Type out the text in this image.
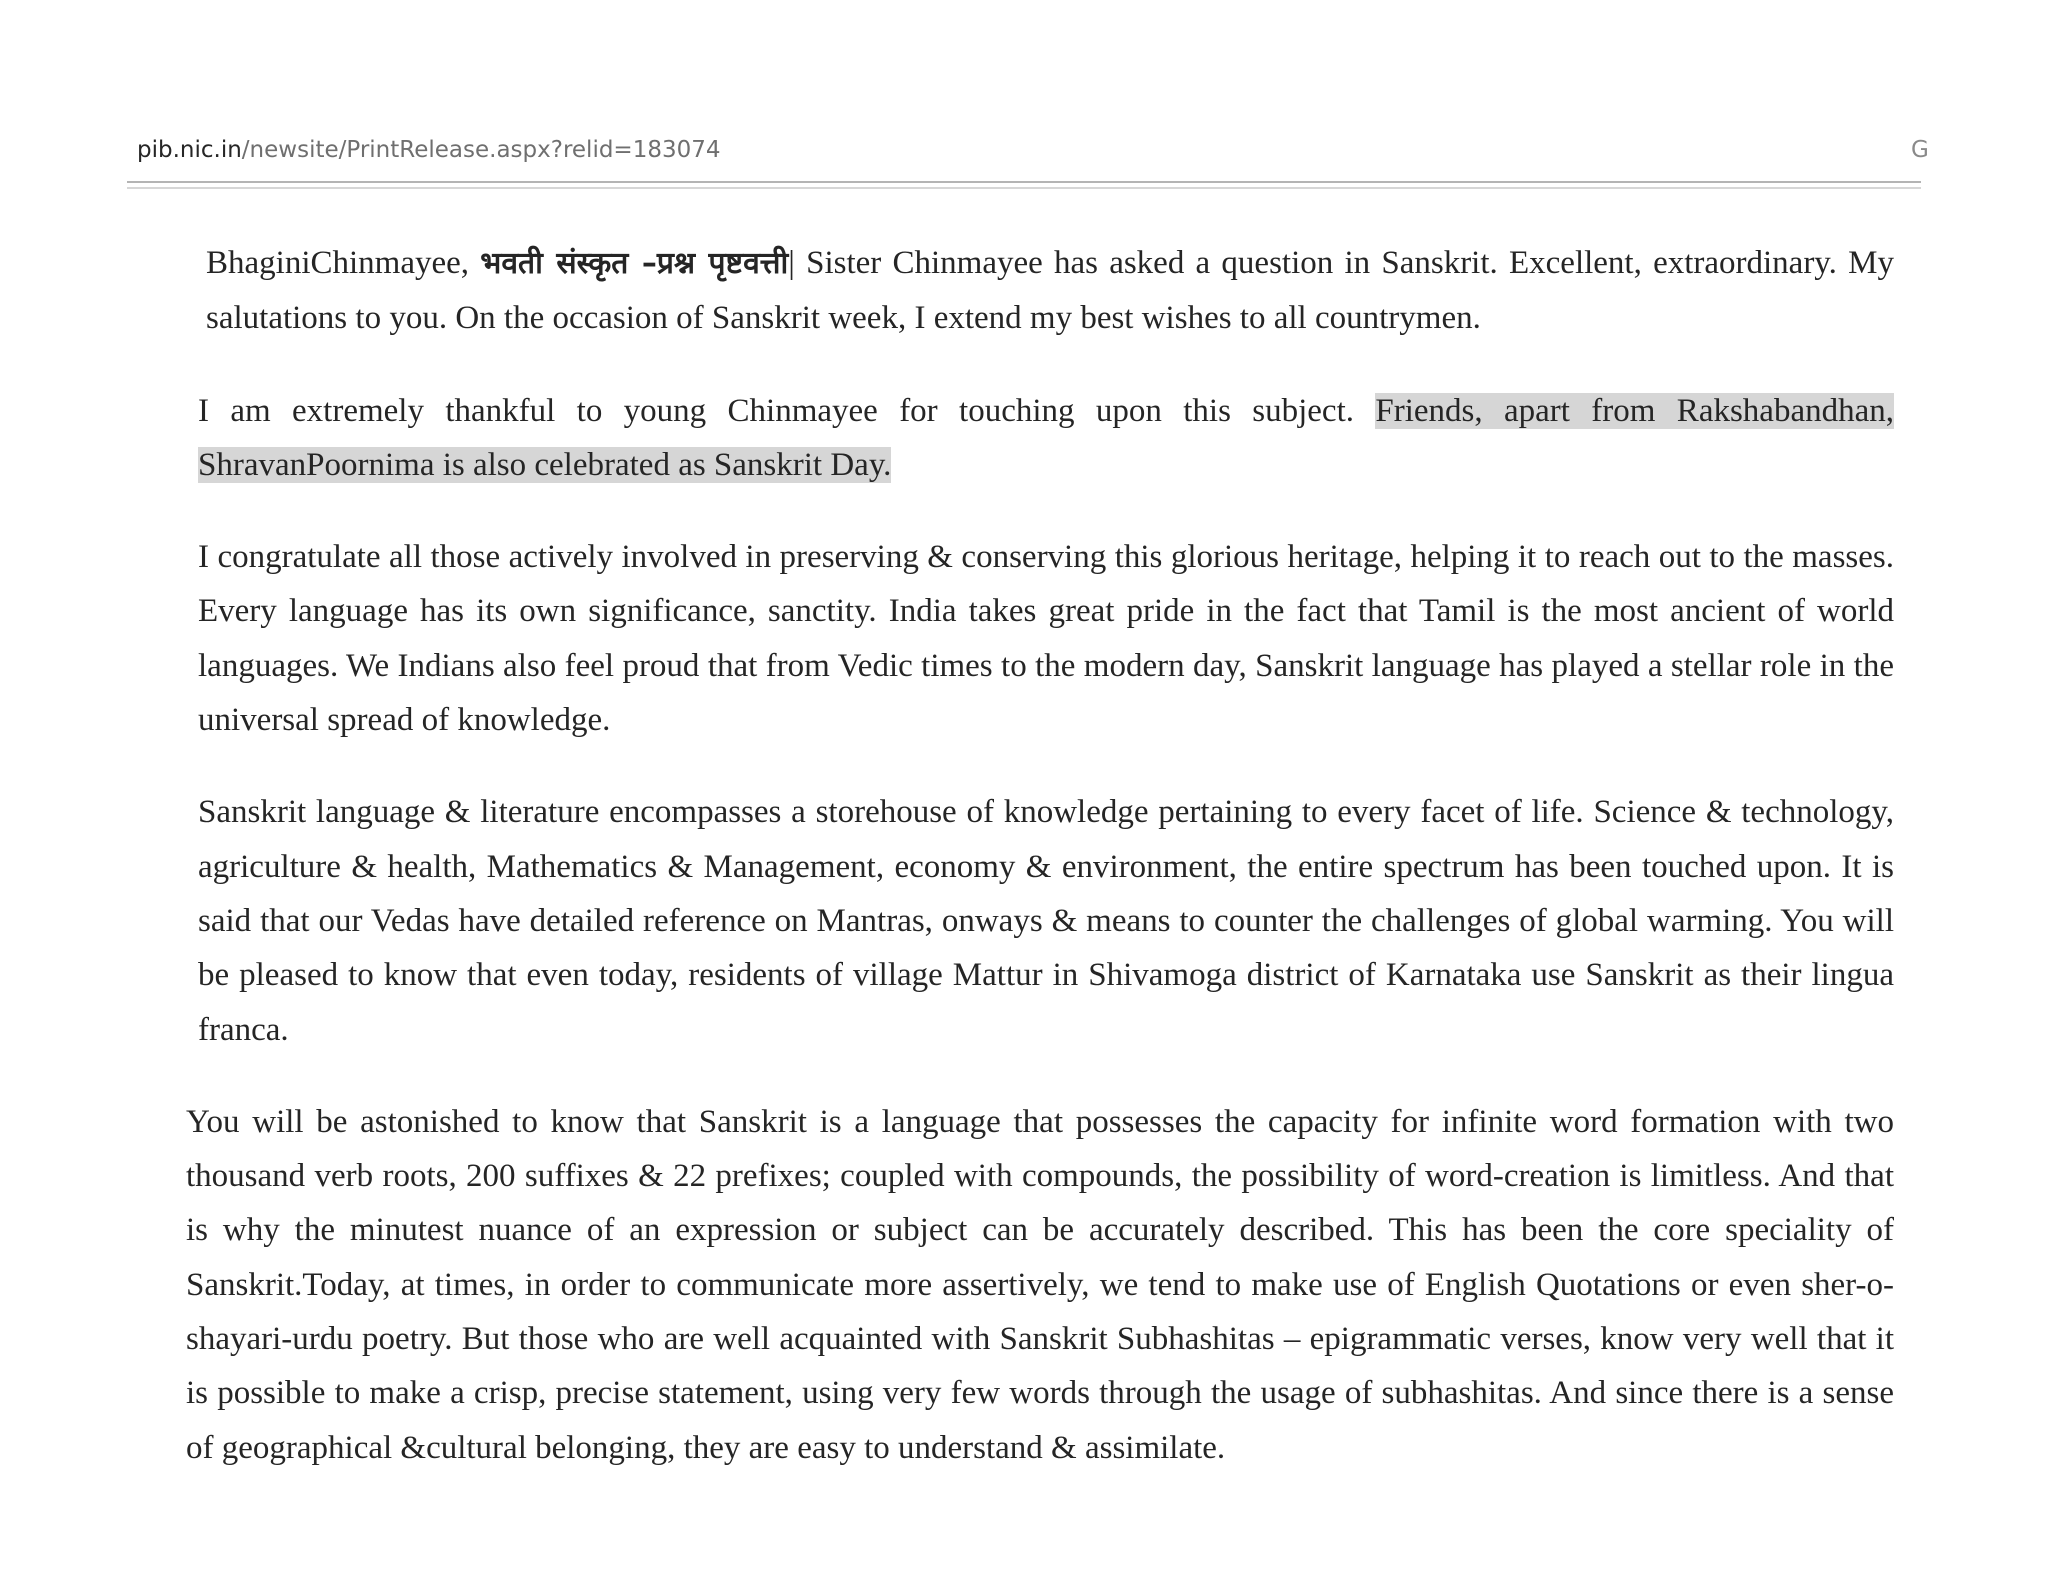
pib.nic.in/newsite/PrintRelease.aspx?relid=183074	G

BhaginiChinmayee, भवती संस्कृत –प्रश्न पृष्टवत्ती| Sister Chinmayee has asked a question in Sanskrit. Excellent, extraordinary. My salutations to you. On the occasion of Sanskrit week, I extend my best wishes to all countrymen.

I am extremely thankful to young Chinmayee for touching upon this subject. Friends, apart from Rakshabandhan, ShravanPoornima is also celebrated as Sanskrit Day.

I congratulate all those actively involved in preserving & conserving this glorious heritage, helping it to reach out to the masses. Every language has its own significance, sanctity. India takes great pride in the fact that Tamil is the most ancient of world languages. We Indians also feel proud that from Vedic times to the modern day, Sanskrit language has played a stellar role in the universal spread of knowledge.

Sanskrit language & literature encompasses a storehouse of knowledge pertaining to every facet of life. Science & technology, agriculture & health, Mathematics & Management, economy & environment, the entire spectrum has been touched upon. It is said that our Vedas have detailed reference on Mantras, onways & means to counter the challenges of global warming. You will be pleased to know that even today, residents of village Mattur in Shivamoga district of Karnataka use Sanskrit as their lingua franca.

You will be astonished to know that Sanskrit is a language that possesses the capacity for infinite word formation with two thousand verb roots, 200 suffixes & 22 prefixes; coupled with compounds, the possibility of word-creation is limitless. And that is why the minutest nuance of an expression or subject can be accurately described. This has been the core speciality of Sanskrit.Today, at times, in order to communicate more assertively, we tend to make use of English Quotations or even sher-o-shayari-urdu poetry. But those who are well acquainted with Sanskrit Subhashitas – epigrammatic verses, know very well that it is possible to make a crisp, precise statement, using very few words through the usage of subhashitas. And since there is a sense of geographical &cultural belonging, they are easy to understand & assimilate.
